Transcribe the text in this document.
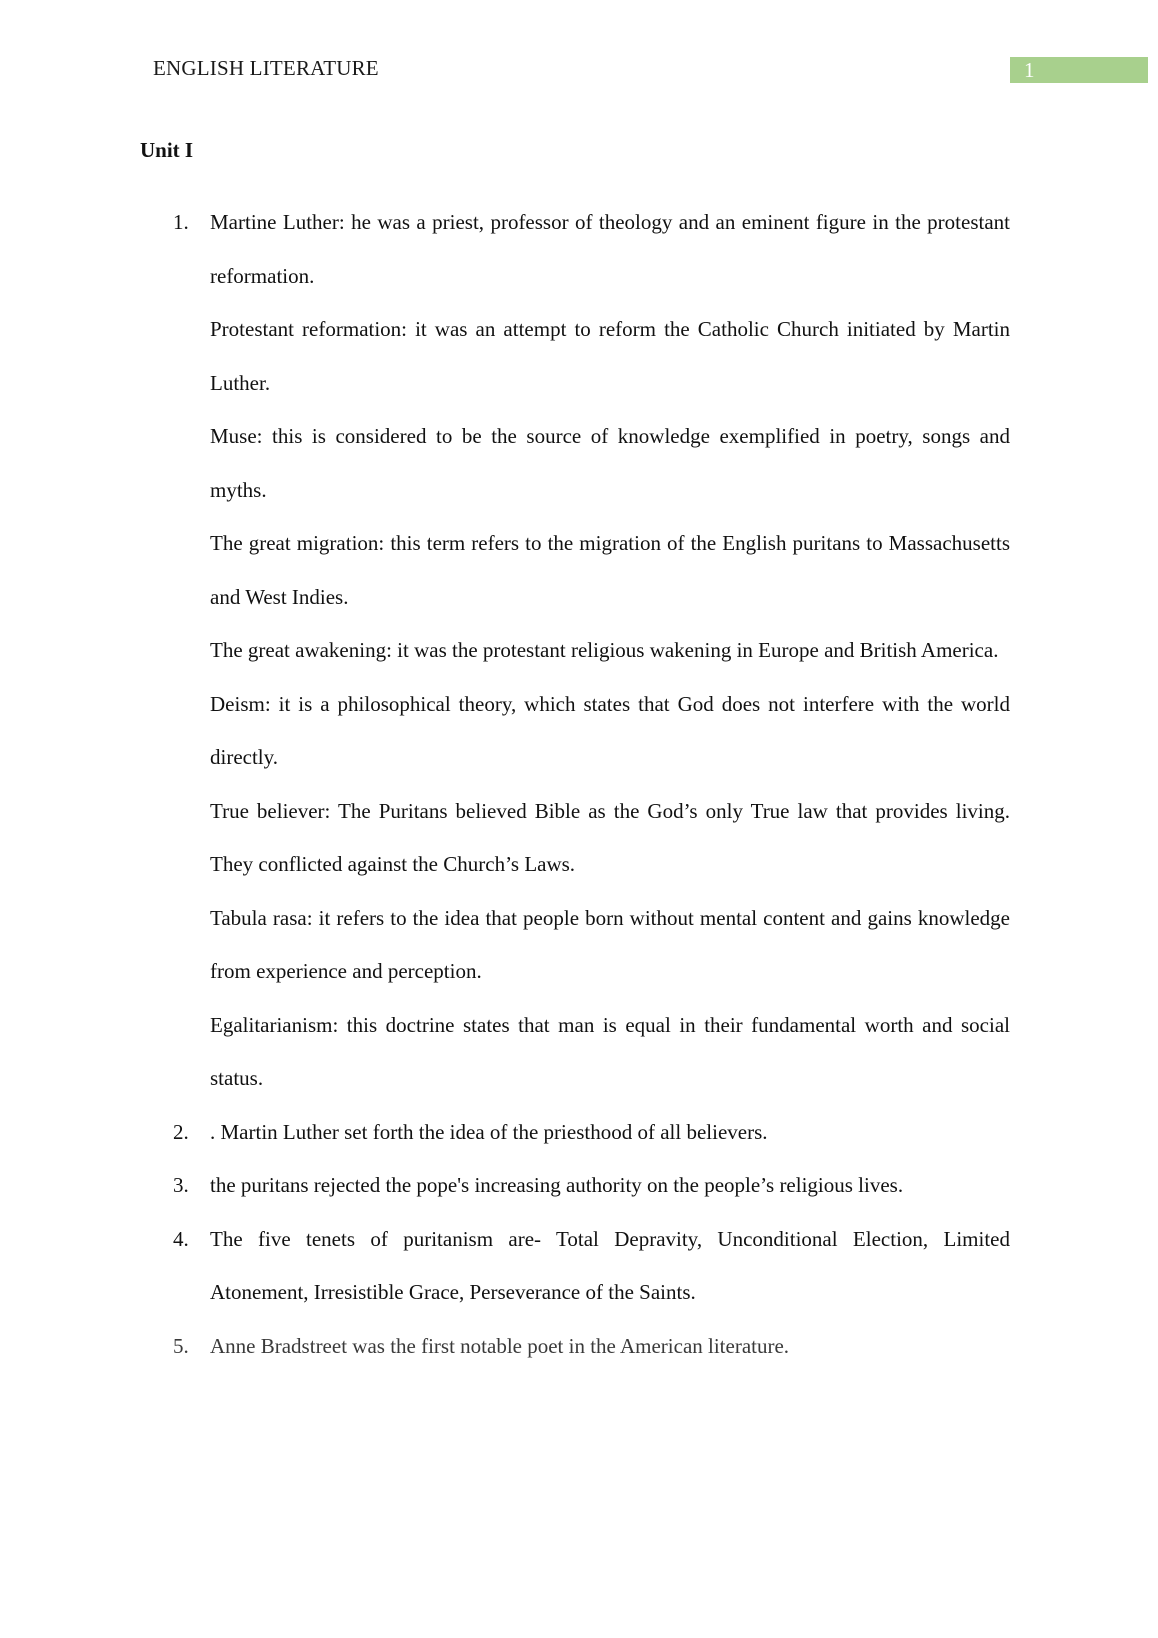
ENGLISH LITERATURE	1
Unit I
1. Martine Luther: he was a priest, professor of theology and an eminent figure in the protestant reformation.

Protestant reformation: it was an attempt to reform the Catholic Church initiated by Martin Luther.

Muse: this is considered to be the source of knowledge exemplified in poetry, songs and myths.

The great migration: this term refers to the migration of the English puritans to Massachusetts and West Indies.

The great awakening: it was the protestant religious wakening in Europe and British America.

Deism: it is a philosophical theory, which states that God does not interfere with the world directly.

True believer: The Puritans believed Bible as the God’s only True law that provides living. They conflicted against the Church’s Laws.

Tabula rasa: it refers to the idea that people born without mental content and gains knowledge from experience and perception.

Egalitarianism: this doctrine states that man is equal in their fundamental worth and social status.

2. . Martin Luther set forth the idea of the priesthood of all believers.

3. the puritans rejected the pope's increasing authority on the people’s religious lives.

4. The five tenets of puritanism are- Total Depravity, Unconditional Election, Limited Atonement, Irresistible Grace, Perseverance of the Saints.

5. Anne Bradstreet was the first notable poet in the American literature.
